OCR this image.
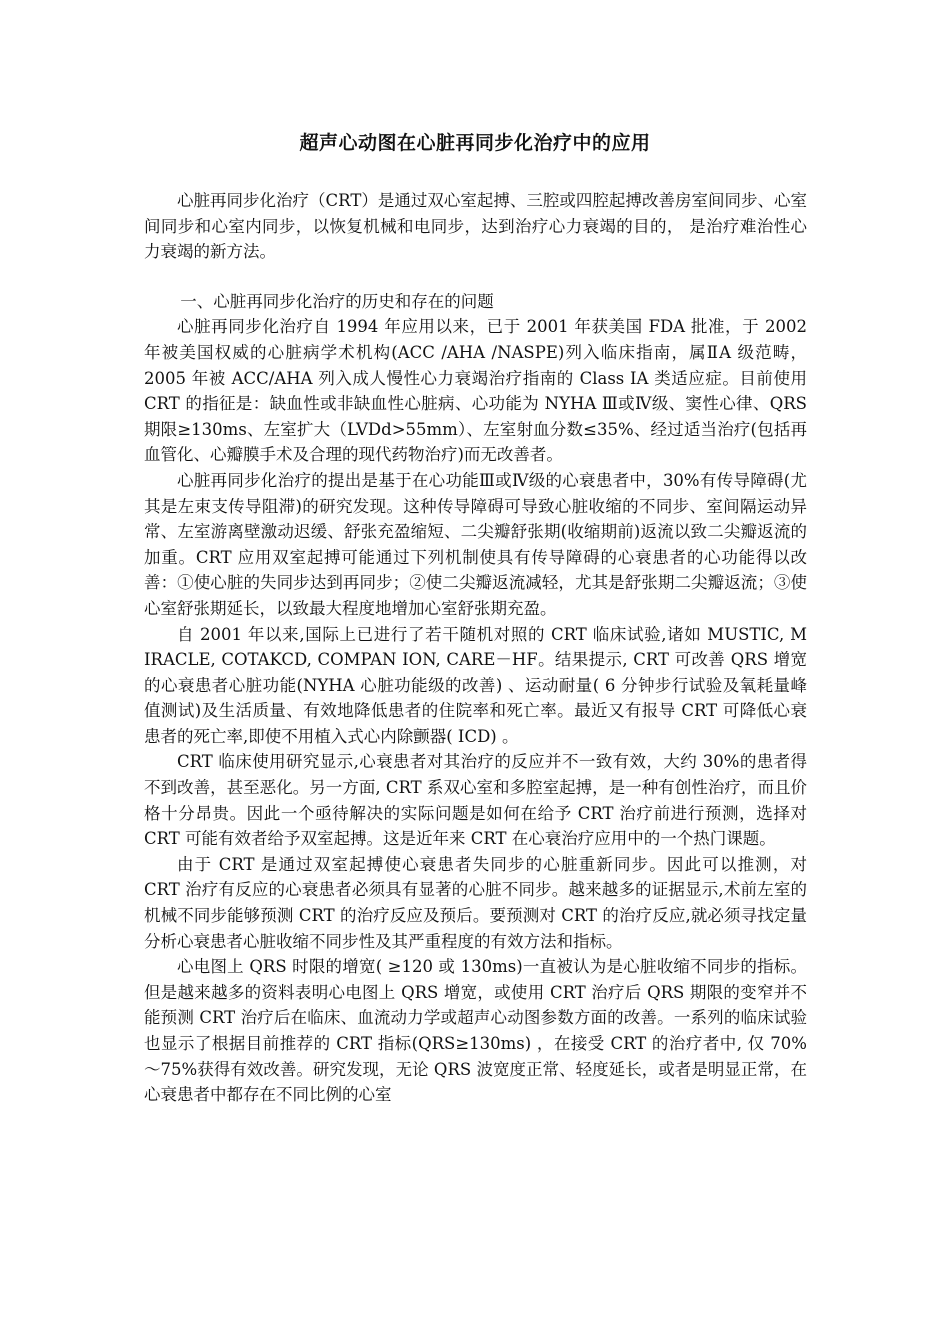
超声心动图在心脏再同步化治疗中的应用

心脏再同步化治疗（CRT）是通过双心室起搏、三腔或四腔起搏改善房室间同步、心室间同步和心室内同步，以恢复机械和电同步，达到治疗心力衰竭的目的， 是治疗难治性心力衰竭的新方法。

一、心脏再同步化治疗的历史和存在的问题

心脏再同步化治疗自 1994 年应用以来，已于 2001 年获美国 FDA 批准，于 2002 年被美国权威的心脏病学术机构(ACC /AHA /NASPE)列入临床指南，属ⅡA 级范畴，2005 年被 ACC/AHA 列入成人慢性心力衰竭治疗指南的 Class IA 类适应症。目前使用 CRT 的指征是：缺血性或非缺血性心脏病、心功能为 NYHA Ⅲ或Ⅳ级、窦性心律、QRS 期限≥130ms、左室扩大（LVDd>55mm）、左室射血分数≤35%、经过适当治疗(包括再血管化、心瓣膜手术及合理的现代药物治疗)而无改善者。

心脏再同步化治疗的提出是基于在心功能Ⅲ或Ⅳ级的心衰患者中，30%有传导障碍(尤其是左束支传导阻滞)的研究发现。这种传导障碍可导致心脏收缩的不同步、室间隔运动异常、左室游离壁激动迟缓、舒张充盈缩短、二尖瓣舒张期(收缩期前)返流以致二尖瓣返流的加重。CRT 应用双室起搏可能通过下列机制使具有传导障碍的心衰患者的心功能得以改善：①使心脏的失同步达到再同步；②使二尖瓣返流减轻，尤其是舒张期二尖瓣返流；③使心室舒张期延长，以致最大程度地增加心室舒张期充盈。

自 2001 年以来,国际上已进行了若干随机对照的 CRT 临床试验,诸如 MUSTIC, M IRACLE, COTAKCD, COMPAN ION, CARE－HF。结果提示, CRT 可改善 QRS 增宽的心衰患者心脏功能(NYHA 心脏功能级的改善) 、运动耐量( 6 分钟步行试验及氧耗量峰值测试)及生活质量、有效地降低患者的住院率和死亡率。最近又有报导 CRT 可降低心衰患者的死亡率,即使不用植入式心内除颤器( ICD) 。

CRT 临床使用研究显示,心衰患者对其治疗的反应并不一致有效，大约 30%的患者得不到改善，甚至恶化。另一方面, CRT 系双心室和多腔室起搏，是一种有创性治疗，而且价格十分昂贵。因此一个亟待解决的实际问题是如何在给予 CRT 治疗前进行预测，选择对 CRT 可能有效者给予双室起搏。这是近年来 CRT 在心衰治疗应用中的一个热门课题。

由于 CRT 是通过双室起搏使心衰患者失同步的心脏重新同步。因此可以推测，对 CRT 治疗有反应的心衰患者必须具有显著的心脏不同步。越来越多的证据显示,术前左室的机械不同步能够预测 CRT 的治疗反应及预后。要预测对 CRT 的治疗反应,就必须寻找定量分析心衰患者心脏收缩不同步性及其严重程度的有效方法和指标。

心电图上 QRS 时限的增宽( ≥120 或 130ms)一直被认为是心脏收缩不同步的指标。但是越来越多的资料表明心电图上 QRS 增宽，或使用 CRT 治疗后 QRS 期限的变窄并不能预测 CRT 治疗后在临床、血流动力学或超声心动图参数方面的改善。一系列的临床试验也显示了根据目前推荐的 CRT 指标(QRS≥130ms) ，在接受 CRT 的治疗者中, 仅 70% ～75%获得有效改善。研究发现，无论 QRS 波宽度正常、轻度延长，或者是明显正常，在心衰患者中都存在不同比例的心室
